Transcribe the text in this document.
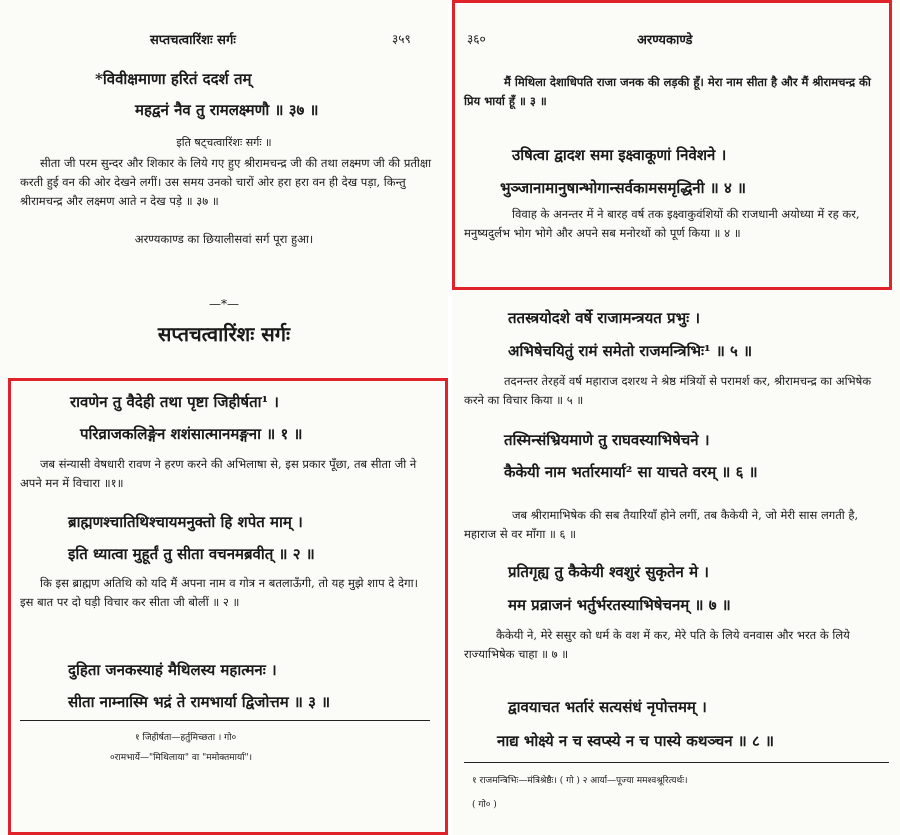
सप्तचत्वारिंशः सर्गः	३५९
*विवीक्षमाणा हरितं ददर्श तम्
महद्वनं नैव तु रामलक्ष्मणौ ॥ ३७ ॥
इति षट्चत्वारिंशः सर्गः ॥
सीता जी परम सुन्दर और शिकार के लिये गए हुए श्रीरामचन्द्र जी की तथा लक्ष्मण जी की प्रतीक्षा करती हुई वन की ओर देखने लगीं। उस समय उनको चारों ओर हरा हरा वन ही देख पड़ा, किन्तु श्रीरामचन्द्र और लक्ष्मण आते न देख पड़े ॥ ३७ ॥
अरण्यकाण्ड का छियालीसवां सर्ग पूरा हुआ।
—*—
सप्तचत्वारिंशः सर्गः
रावणेन तु वैदेही तथा पृष्टा जिहीर्षता¹ ।
परिव्राजकलिङ्गेन शशंसात्मानमङ्गना ॥ १ ॥
जब संन्यासी वेषधारी रावण ने हरण करने की अभिलाषा से, इस प्रकार पूँछा, तब सीता जी ने अपने मन में विचारा ॥१॥
ब्राह्मणश्चातिथिश्चायमनुक्तो हि शपेत माम् ।
इति ध्यात्वा मुहूर्तं तु सीता वचनमब्रवीत् ॥ २ ॥
कि इस ब्राह्मण अतिथि को यदि मैं अपना नाम व गोत्र न बतलाऊँगी, तो यह मुझे शाप दे देगा। इस बात पर दो घड़ी विचार कर सीता जी बोलीं ॥ २ ॥
दुहिता जनकस्याहं मैथिलस्य महात्मनः ।
सीता नाम्नास्मि भद्रं ते रामभार्या द्विजोत्तम ॥ ३ ॥
१ जिहीर्षता—हर्तुमिच्छता । गो०
०रामभार्ये—"मिथिलाया" वा "ममोक्तमार्या"।
३६०	अरण्यकाण्डे
मैं मिथिला देशाधिपति राजा जनक की लड़की हूँ। मेरा नाम सीता है और मैं श्रीरामचन्द्र की प्रिय भार्या हूँ ॥ ३ ॥
उषित्वा द्वादश समा इक्ष्वाकूणां निवेशने ।
भुञ्जानामानुषान्भोगान्सर्वकामसमृद्धिनी ॥ ४ ॥
विवाह के अनन्तर में ने बारह वर्ष तक इक्ष्वाकुवंशियों की राजधानी अयोध्या में रह कर, मनुष्यदुर्लभ भोग भोगे और अपने सब मनोरथों को पूर्ण किया ॥ ४ ॥
ततस्त्रयोदशे वर्षे राजामन्त्रयत प्रभुः ।
अभिषेचयितुं रामं समेतो राजमन्त्रिभिः¹ ॥ ५ ॥
तदनन्तर तेरहवें वर्ष महाराज दशरथ ने श्रेष्ठ मंत्रियों से परामर्श कर, श्रीरामचन्द्र का अभिषेक करने का विचार किया ॥ ५ ॥
तस्मिन्संभ्रियमाणे तु राघवस्याभिषेचने ।
कैकेयी नाम भर्तारमार्या² सा याचते वरम् ॥ ६ ॥
जब श्रीरामाभिषेक की सब तैयारियाँ होने लगीं, तब कैकेयी ने, जो मेरी सास लगती है, महाराज से वर माँगा ॥ ६ ॥
प्रतिगृह्य तु कैकेयी श्वशुरं सुकृतेन मे ।
मम प्रव्राजनं भर्तुर्भरतस्याभिषेचनम् ॥ ७ ॥
कैकेयी ने, मेरे ससुर को धर्म के वश में कर, मेरे पति के लिये वनवास और भरत के लिये राज्याभिषेक चाहा ॥ ७ ॥
द्वावयाचत भर्तारं सत्यसंधं नृपोत्तमम् ।
नाद्य भोक्ष्ये न च स्वप्स्ये न च पास्ये कथञ्चन ॥ ८ ॥
१ राजमन्त्रिभिः—मंत्रिश्रेष्ठैः। ( गो ) २ आर्या—पूज्या ममश्वश्रूरित्यर्थः।
( गो० )
